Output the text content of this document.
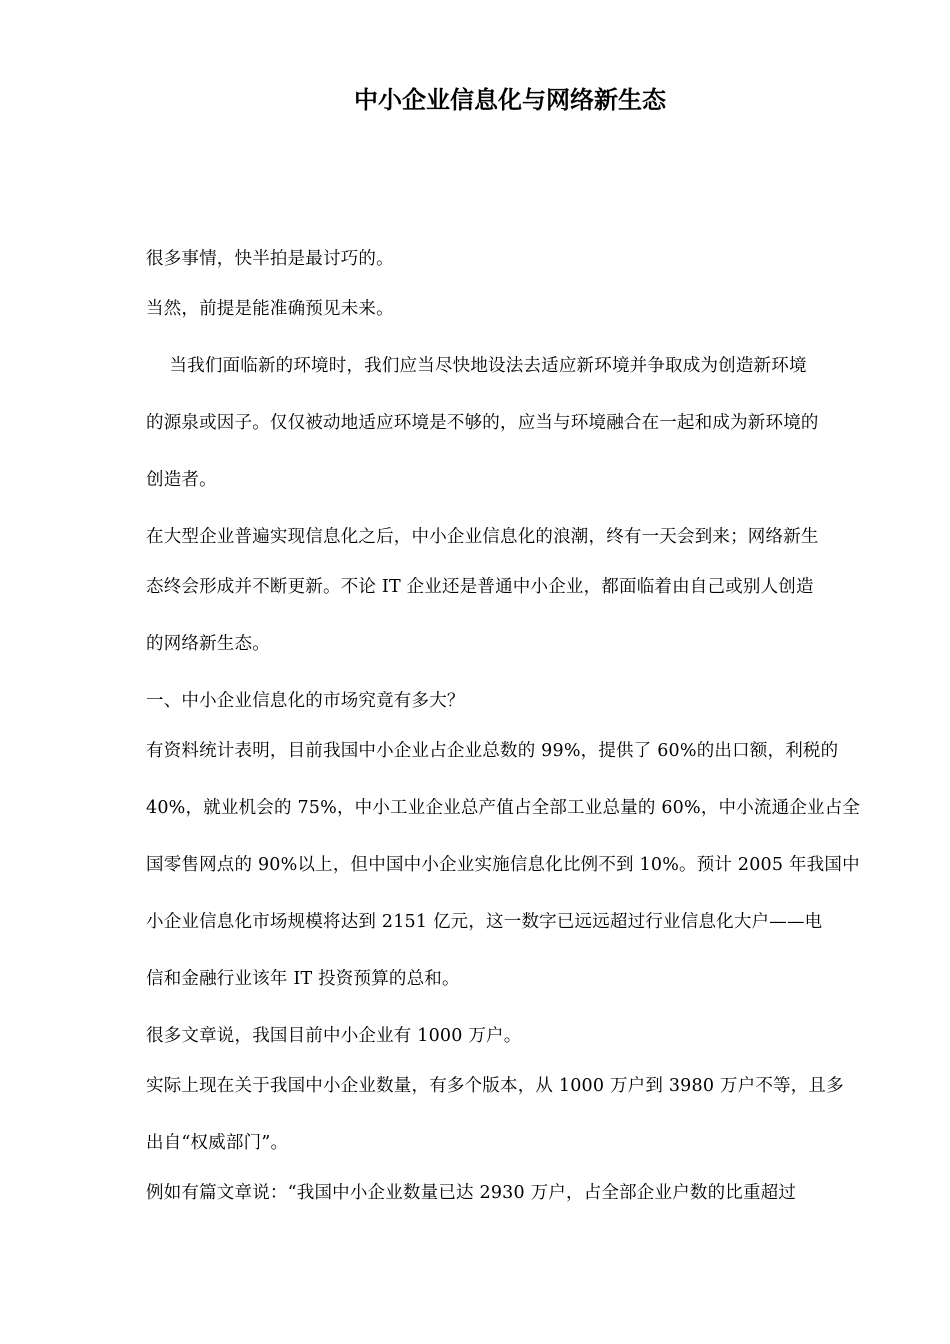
中小企业信息化与网络新生态
很多事情，快半拍是最讨巧的。
当然，前提是能准确预见未来。
　 当我们面临新的环境时，我们应当尽快地设法去适应新环境并争取成为创造新环境
的源泉或因子。仅仅被动地适应环境是不够的，应当与环境融合在一起和成为新环境的
创造者。
在大型企业普遍实现信息化之后，中小企业信息化的浪潮，终有一天会到来；网络新生
态终会形成并不断更新。不论 IT 企业还是普通中小企业，都面临着由自己或别人创造
的网络新生态。
一、中小企业信息化的市场究竟有多大？
有资料统计表明，目前我国中小企业占企业总数的 99%，提供了 60%的出口额，利税的
40%，就业机会的 75%，中小工业企业总产值占全部工业总量的 60%，中小流通企业占全
国零售网点的 90%以上，但中国中小企业实施信息化比例不到 10%。预计 2005 年我国中
小企业信息化市场规模将达到 2151 亿元，这一数字已远远超过行业信息化大户——电
信和金融行业该年 IT 投资预算的总和。
很多文章说，我国目前中小企业有 1000 万户。
实际上现在关于我国中小企业数量，有多个版本，从 1000 万户到 3980 万户不等，且多
出自“权威部门”。
例如有篇文章说：“我国中小企业数量已达 2930 万户，占全部企业户数的比重超过
